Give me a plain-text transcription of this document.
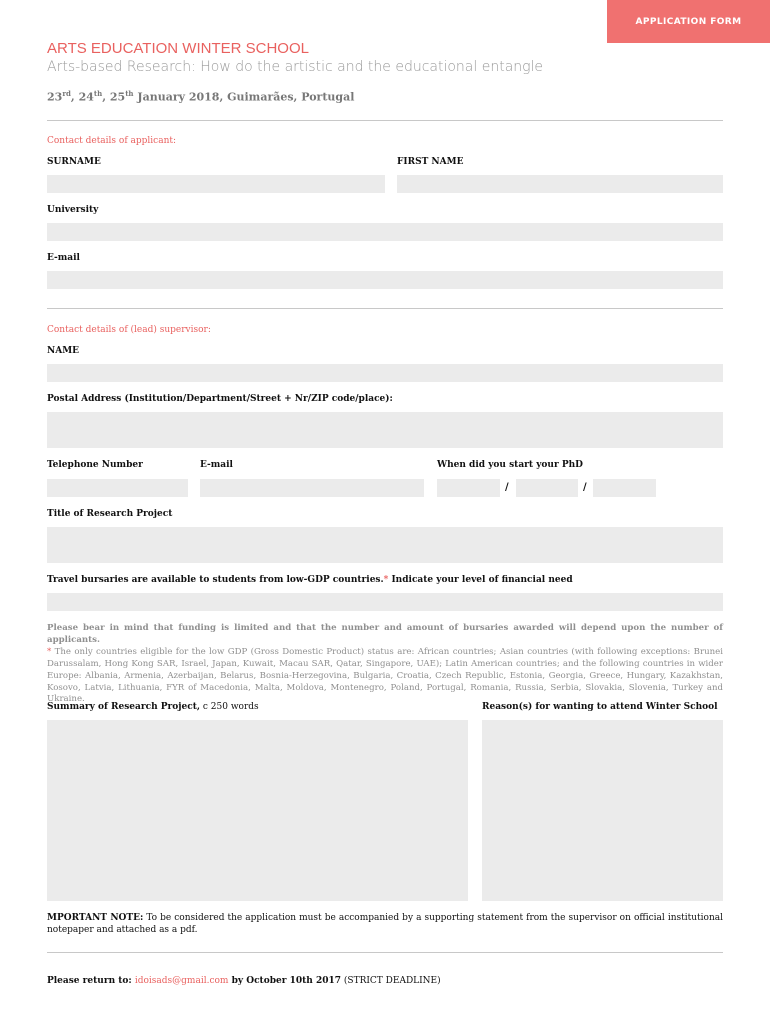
APPLICATION FORM
ARTS EDUCATION WINTER SCHOOL
Arts-based Research: How do the artistic and the educational entangle
23rd, 24th, 25th January 2018, Guimarães, Portugal
Contact details of applicant:
SURNAME	FIRST NAME
University
E-mail
Contact details of (lead) supervisor:
NAME
Postal Address (Institution/Department/Street + Nr/ZIP code/place):
Telephone Number	E-mail	When did you start your PhD
/	/
Title of Research Project
Travel bursaries are available to students from low-GDP countries.* Indicate your level of financial need
Please bear in mind that funding is limited and that the number and amount of bursaries awarded will depend upon the number of applicants.
* The only countries eligible for the low GDP (Gross Domestic Product) status are: African countries; Asian countries (with following exceptions: Brunei Darussalam, Hong Kong SAR, Israel, Japan, Kuwait, Macau SAR, Qatar, Singapore, UAE); Latin American countries; and the following countries in wider Europe: Albania, Armenia, Azerbaijan, Belarus, Bosnia-Herzegovina, Bulgaria, Croatia, Czech Republic, Estonia, Georgia, Greece, Hungary, Kazakhstan, Kosovo, Latvia, Lithuania, FYR of Macedonia, Malta, Moldova, Montenegro, Poland, Portugal, Romania, Russia, Serbia, Slovakia, Slovenia, Turkey and Ukraine.
Summary of Research Project, c 250 words	Reason(s) for wanting to attend Winter School
MPORTANT NOTE: To be considered the application must be accompanied by a supporting statement from the supervisor on official institutional notepaper and attached as a pdf.
Please return to: idoisads@gmail.com by October 10th 2017 (STRICT DEADLINE)
